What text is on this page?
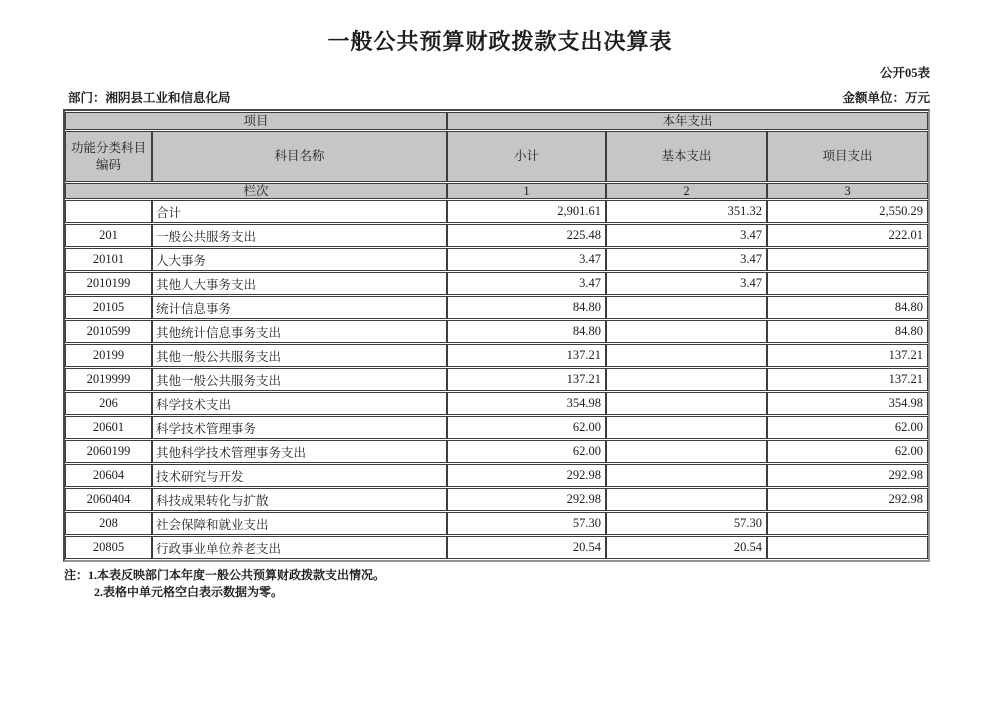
一般公共预算财政拨款支出决算表
公开05表
部门：湘阴县工业和信息化局	金额单位：万元
项目		本年支出		
功能分类科目编码	科目名称	小计	基本支出	项目支出
栏次		1	2	3
	合计	2,901.61	351.32	2,550.29
201	一般公共服务支出	225.48	3.47	222.01
20101	人大事务	3.47	3.47	
2010199	其他人大事务支出	3.47	3.47	
20105	统计信息事务	84.80		84.80
2010599	其他统计信息事务支出	84.80		84.80
20199	其他一般公共服务支出	137.21		137.21
2019999	其他一般公共服务支出	137.21		137.21
206	科学技术支出	354.98		354.98
20601	科学技术管理事务	62.00		62.00
2060199	其他科学技术管理事务支出	62.00		62.00
20604	技术研究与开发	292.98		292.98
2060404	科技成果转化与扩散	292.98		292.98
208	社会保障和就业支出	57.30	57.30	
20805	行政事业单位养老支出	20.54	20.54	
注：1.本表反映部门本年度一般公共预算财政拨款支出情况。
2.表格中单元格空白表示数据为零。
